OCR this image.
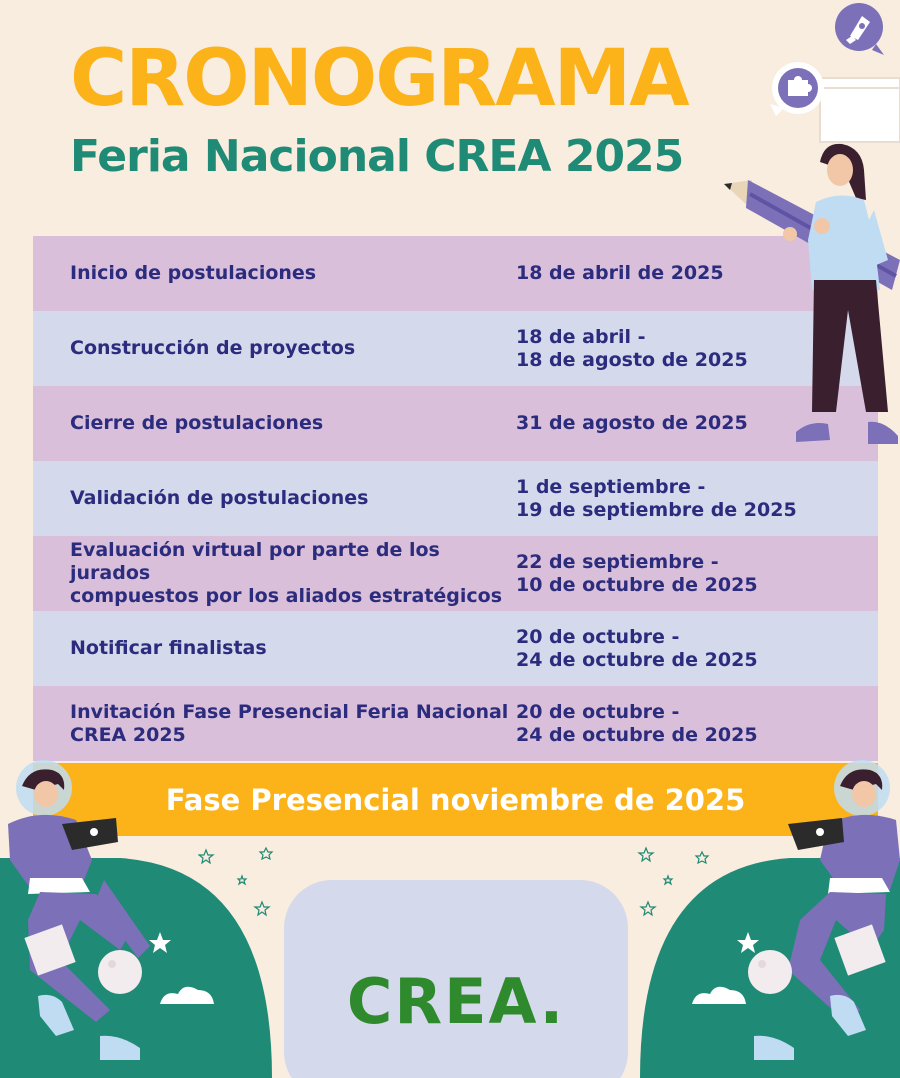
CRONOGRAMA
Feria Nacional CREA 2025
Inicio de postulaciones	18 de abril de 2025
Construcción de proyectos
18 de abril -
18 de agosto de 2025
Cierre de postulaciones	31 de agosto de 2025
Validación de postulaciones
1 de septiembre -
19 de septiembre de 2025
Evaluación virtual por parte de los jurados
compuestos por los aliados estratégicos
22 de septiembre -
10 de octubre de 2025
Notificar finalistas
20 de octubre -
24 de octubre de 2025
Invitación Fase Presencial Feria Nacional
CREA 2025
20 de octubre -
24 de octubre de 2025
Fase Presencial noviembre de 2025
CREA.
